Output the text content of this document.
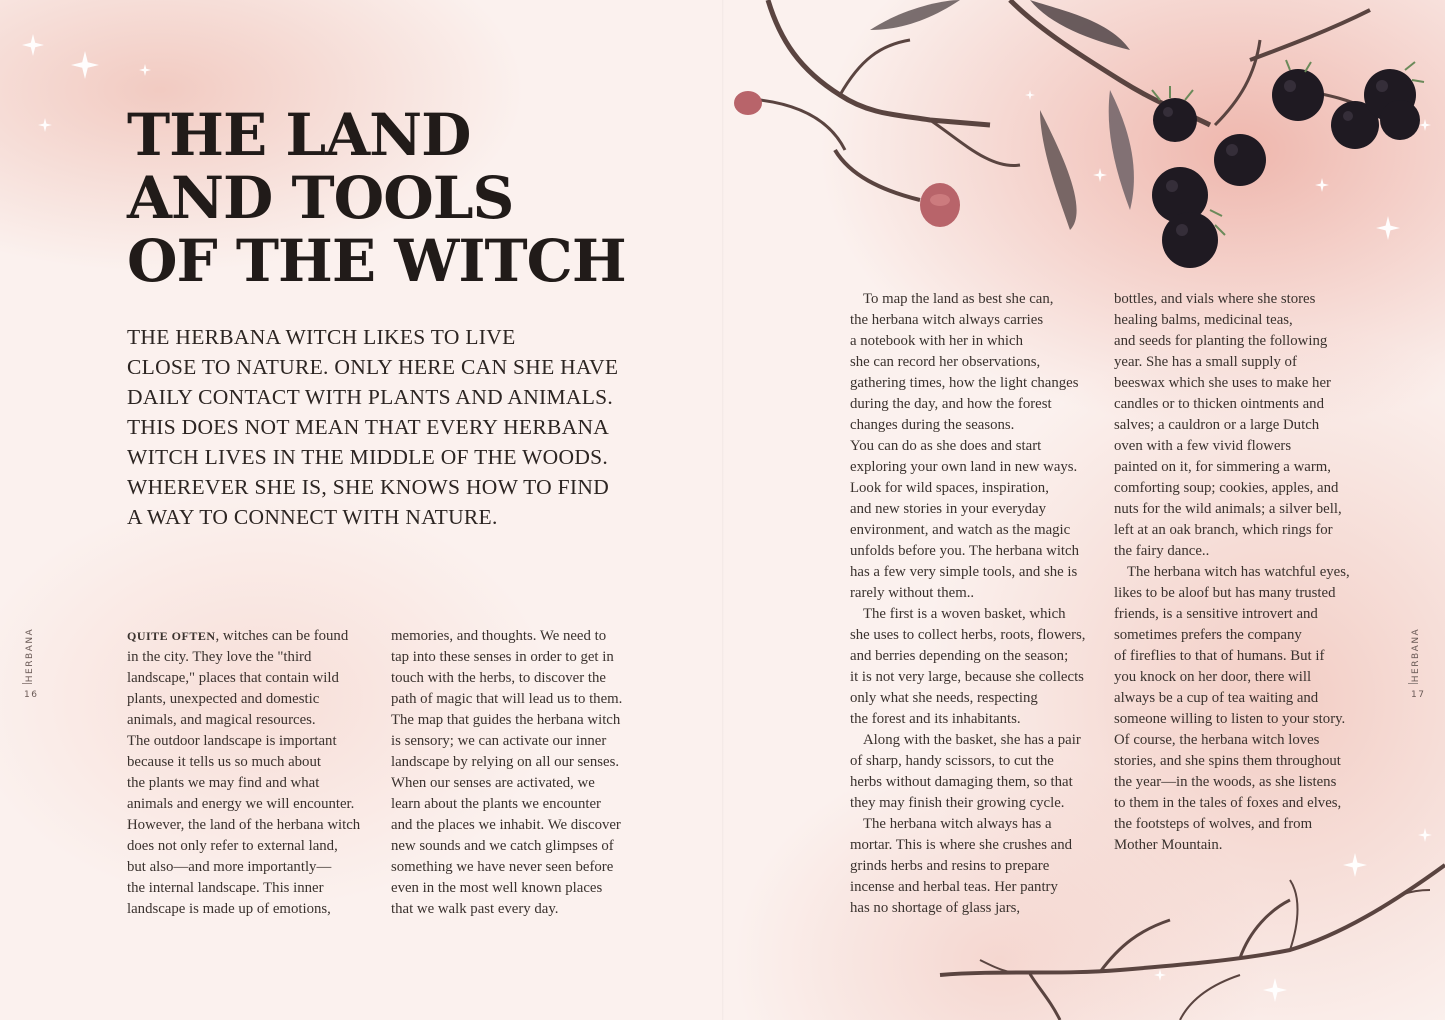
THE LAND
AND TOOLS
OF THE WITCH

THE HERBANA WITCH LIKES TO LIVE
CLOSE TO NATURE. ONLY HERE CAN SHE HAVE
DAILY CONTACT WITH PLANTS AND ANIMALS.
THIS DOES NOT MEAN THAT EVERY HERBANA
WITCH LIVES IN THE MIDDLE OF THE WOODS.
WHEREVER SHE IS, SHE KNOWS HOW TO FIND
A WAY TO CONNECT WITH NATURE.

QUITE OFTEN, witches can be found
in the city. They love the "third
landscape," places that contain wild
plants, unexpected and domestic
animals, and magical resources.
The outdoor landscape is important
because it tells us so much about
the plants we may find and what
animals and energy we will encounter.
However, the land of the herbana witch
does not only refer to external land,
but also—and more importantly—
the internal landscape. This inner
landscape is made up of emotions,
memories, and thoughts. We need to
tap into these senses in order to get in
touch with the herbs, to discover the
path of magic that will lead us to them.
The map that guides the herbana witch
is sensory; we can activate our inner
landscape by relying on all our senses.
When our senses are activated, we
learn about the plants we encounter
and the places we inhabit. We discover
new sounds and we catch glimpses of
something we have never seen before
even in the most well known places
that we walk past every day.
HERBANA
16
To map the land as best she can,
the herbana witch always carries
a notebook with her in which
she can record her observations,
gathering times, how the light changes
during the day, and how the forest
changes during the seasons.
You can do as she does and start
exploring your own land in new ways.
Look for wild spaces, inspiration,
and new stories in your everyday
environment, and watch as the magic
unfolds before you. The herbana witch
has a few very simple tools, and she is
rarely without them..
The first is a woven basket, which
she uses to collect herbs, roots, flowers,
and berries depending on the season;
it is not very large, because she collects
only what she needs, respecting
the forest and its inhabitants.
Along with the basket, she has a pair
of sharp, handy scissors, to cut the
herbs without damaging them, so that
they may finish their growing cycle.
The herbana witch always has a
mortar. This is where she crushes and
grinds herbs and resins to prepare
incense and herbal teas. Her pantry
has no shortage of glass jars,
bottles, and vials where she stores
healing balms, medicinal teas,
and seeds for planting the following
year. She has a small supply of
beeswax which she uses to make her
candles or to thicken ointments and
salves; a cauldron or a large Dutch
oven with a few vivid flowers
painted on it, for simmering a warm,
comforting soup; cookies, apples, and
nuts for the wild animals; a silver bell,
left at an oak branch, which rings for
the fairy dance..
The herbana witch has watchful eyes,
likes to be aloof but has many trusted
friends, is a sensitive introvert and
sometimes prefers the company
of fireflies to that of humans. But if
you knock on her door, there will
always be a cup of tea waiting and
someone willing to listen to your story.
Of course, the herbana witch loves
stories, and she spins them throughout
the year—in the woods, as she listens
to them in the tales of foxes and elves,
the footsteps of wolves, and from
Mother Mountain.
HERBANA
17
